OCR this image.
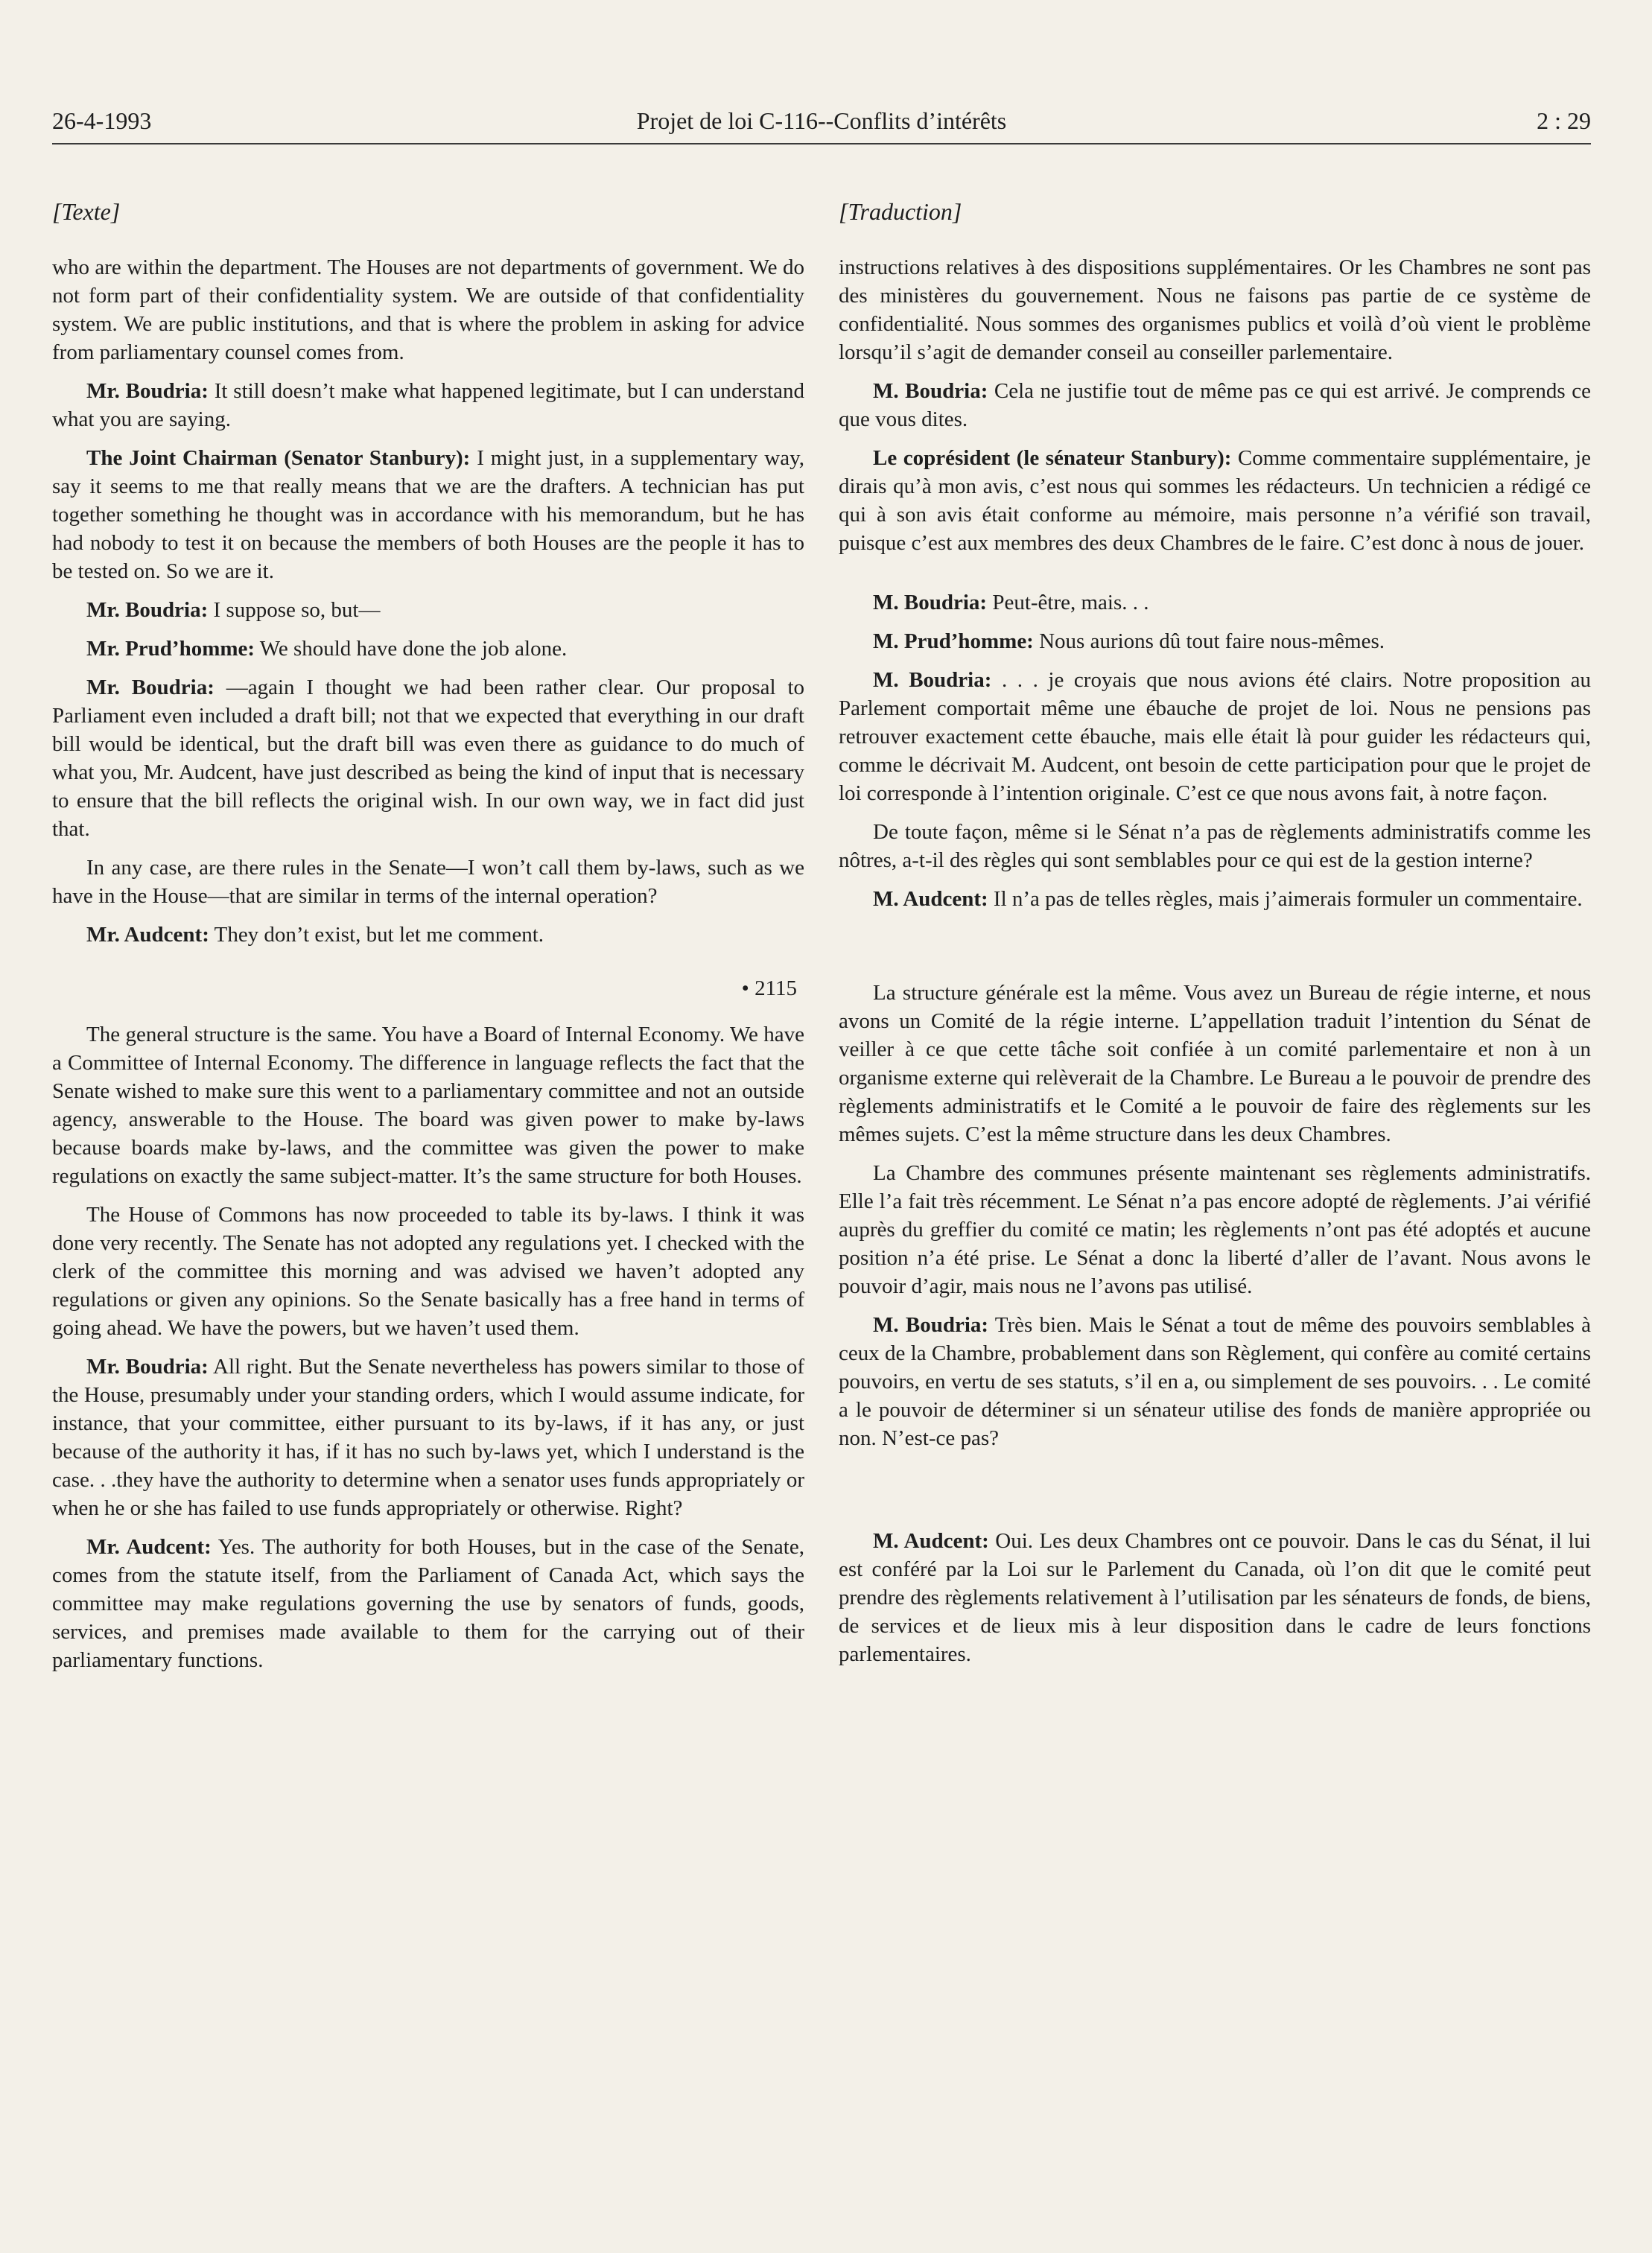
26-4-1993	Projet de loi C-116--Conflits d’intérêts	2 : 29
[Texte]

who are within the department. The Houses are not departments of government. We do not form part of their confidentiality system. We are outside of that confidentiality system. We are public institutions, and that is where the problem in asking for advice from parliamentary counsel comes from.

Mr. Boudria: It still doesn’t make what happened legitimate, but I can understand what you are saying.

The Joint Chairman (Senator Stanbury): I might just, in a supplementary way, say it seems to me that really means that we are the drafters. A technician has put together something he thought was in accordance with his memorandum, but he has had nobody to test it on because the members of both Houses are the people it has to be tested on. So we are it.

Mr. Boudria: I suppose so, but—

Mr. Prud’homme: We should have done the job alone.

Mr. Boudria: —again I thought we had been rather clear. Our proposal to Parliament even included a draft bill; not that we expected that everything in our draft bill would be identical, but the draft bill was even there as guidance to do much of what you, Mr. Audcent, have just described as being the kind of input that is necessary to ensure that the bill reflects the original wish. In our own way, we in fact did just that.

In any case, are there rules in the Senate—I won’t call them by-laws, such as we have in the House—that are similar in terms of the internal operation?

Mr. Audcent: They don’t exist, but let me comment.

• 2115

The general structure is the same. You have a Board of Internal Economy. We have a Committee of Internal Economy. The difference in language reflects the fact that the Senate wished to make sure this went to a parliamentary committee and not an outside agency, answerable to the House. The board was given power to make by-laws because boards make by-laws, and the committee was given the power to make regulations on exactly the same subject-matter. It’s the same structure for both Houses.

The House of Commons has now proceeded to table its by-laws. I think it was done very recently. The Senate has not adopted any regulations yet. I checked with the clerk of the committee this morning and was advised we haven’t adopted any regulations or given any opinions. So the Senate basically has a free hand in terms of going ahead. We have the powers, but we haven’t used them.

Mr. Boudria: All right. But the Senate nevertheless has powers similar to those of the House, presumably under your standing orders, which I would assume indicate, for instance, that your committee, either pursuant to its by-laws, if it has any, or just because of the authority it has, if it has no such by-laws yet, which I understand is the case. . .they have the authority to determine when a senator uses funds appropriately or when he or she has failed to use funds appropriately or otherwise. Right?

Mr. Audcent: Yes. The authority for both Houses, but in the case of the Senate, comes from the statute itself, from the Parliament of Canada Act, which says the committee may make regulations governing the use by senators of funds, goods, services, and premises made available to them for the carrying out of their parliamentary functions.

[Traduction]

instructions relatives à des dispositions supplémentaires. Or les Chambres ne sont pas des ministères du gouvernement. Nous ne faisons pas partie de ce système de confidentialité. Nous sommes des organismes publics et voilà d’où vient le problème lorsqu’il s’agit de demander conseil au conseiller parlementaire.

M. Boudria: Cela ne justifie tout de même pas ce qui est arrivé. Je comprends ce que vous dites.

Le coprésident (le sénateur Stanbury): Comme commentaire supplémentaire, je dirais qu’à mon avis, c’est nous qui sommes les rédacteurs. Un technicien a rédigé ce qui à son avis était conforme au mémoire, mais personne n’a vérifié son travail, puisque c’est aux membres des deux Chambres de le faire. C’est donc à nous de jouer.

M. Boudria: Peut-être, mais. . .

M. Prud’homme: Nous aurions dû tout faire nous-mêmes.

M. Boudria: . . . je croyais que nous avions été clairs. Notre proposition au Parlement comportait même une ébauche de projet de loi. Nous ne pensions pas retrouver exactement cette ébauche, mais elle était là pour guider les rédacteurs qui, comme le décrivait M. Audcent, ont besoin de cette participation pour que le projet de loi corresponde à l’intention originale. C’est ce que nous avons fait, à notre façon.

De toute façon, même si le Sénat n’a pas de règlements administratifs comme les nôtres, a-t-il des règles qui sont semblables pour ce qui est de la gestion interne?

M. Audcent: Il n’a pas de telles règles, mais j’aimerais formuler un commentaire.

La structure générale est la même. Vous avez un Bureau de régie interne, et nous avons un Comité de la régie interne. L’appellation traduit l’intention du Sénat de veiller à ce que cette tâche soit confiée à un comité parlementaire et non à un organisme externe qui relèverait de la Chambre. Le Bureau a le pouvoir de prendre des règlements administratifs et le Comité a le pouvoir de faire des règlements sur les mêmes sujets. C’est la même structure dans les deux Chambres.

La Chambre des communes présente maintenant ses règlements administratifs. Elle l’a fait très récemment. Le Sénat n’a pas encore adopté de règlements. J’ai vérifié auprès du greffier du comité ce matin; les règlements n’ont pas été adoptés et aucune position n’a été prise. Le Sénat a donc la liberté d’aller de l’avant. Nous avons le pouvoir d’agir, mais nous ne l’avons pas utilisé.

M. Boudria: Très bien. Mais le Sénat a tout de même des pouvoirs semblables à ceux de la Chambre, probablement dans son Règlement, qui confère au comité certains pouvoirs, en vertu de ses statuts, s’il en a, ou simplement de ses pouvoirs. . . Le comité a le pouvoir de déterminer si un sénateur utilise des fonds de manière appropriée ou non. N’est-ce pas?

M. Audcent: Oui. Les deux Chambres ont ce pouvoir. Dans le cas du Sénat, il lui est conféré par la Loi sur le Parlement du Canada, où l’on dit que le comité peut prendre des règlements relativement à l’utilisation par les sénateurs de fonds, de biens, de services et de lieux mis à leur disposition dans le cadre de leurs fonctions parlementaires.
